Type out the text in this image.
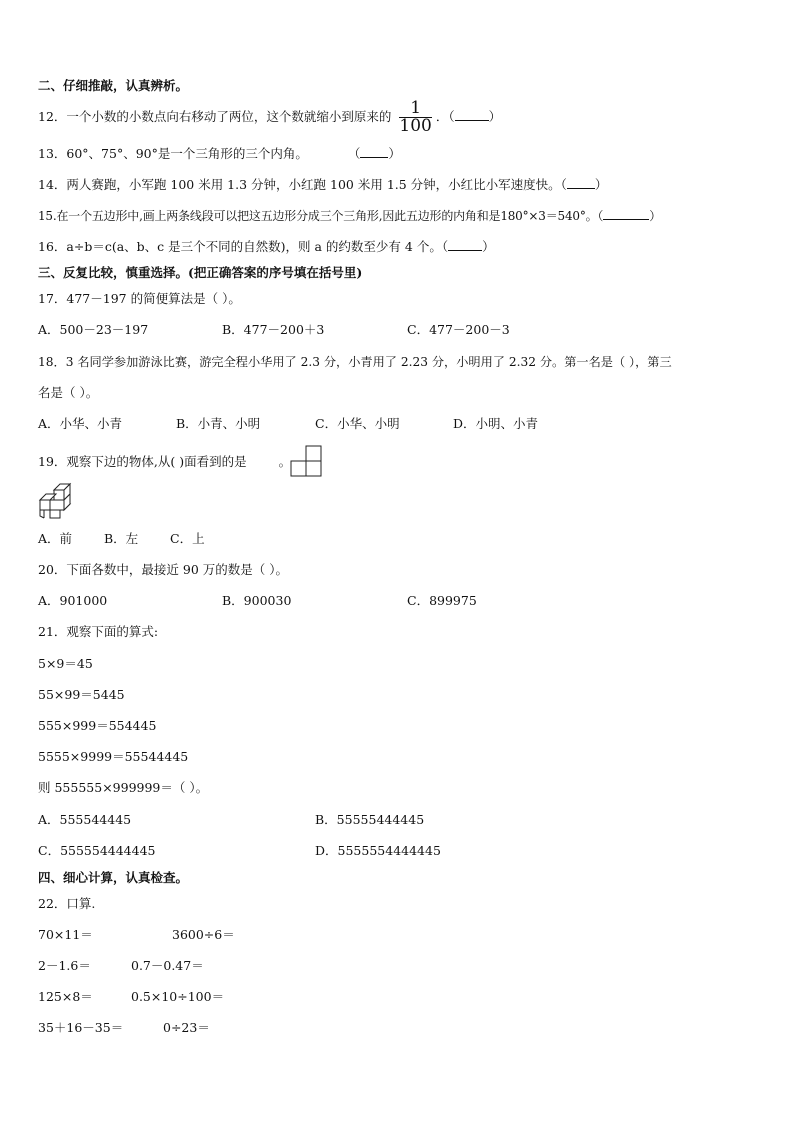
二、仔细推敲，认真辨析。
12．一个小数的小数点向右移动了两位，这个数就缩小到原来的 $\frac{1}{100}$ ．（	）
13．60°、75°、90°是一个三角形的三个内角。	（ ）
14．两人赛跑，小军跑 100 米用 1.3 分钟，小红跑 100 米用 1.5 分钟，小红比小军速度快。（ ）
15.在一个五边形中,画上两条线段可以把这五边形分成三个三角形,因此五边形的内角和是180°×3＝540°。（	）
16．a÷b＝c(a、b、c 是三个不同的自然数)，则 a 的约数至少有 4 个。（	）
三、反复比较，慎重选择。(把正确答案的序号填在括号里)
17．477－197 的简便算法是（ ）。
A．500－23－197	B．477－200＋3	C．477－200－3
18．3 名同学参加游泳比赛，游完全程小华用了 2.3 分，小青用了 2.23 分，小明用了 2.32 分。第一名是（ ），第三
名是（ ）。
A．小华、小青	B．小青、小明	C．小华、小明	D．小明、小青
19．观察下边的物体,从( )面看到的是	。
A．前	B．左	C．上
20．下面各数中，最接近 90 万的数是（ ）。
A．901000	B．900030	C．899975
21．观察下面的算式:
5×9＝45
55×99＝5445
555×999＝554445
5555×9999＝55544445
则 555555×999999＝（ ）。
A．555544445	B．55555444445
C．555554444445	D．5555554444445
四、细心计算，认真检查。
22．口算.
70×11＝	3600÷6＝
2－1.6＝	0.7－0.47＝
125×8＝	0.5×10÷100＝
35＋16－35＝	0÷23＝
